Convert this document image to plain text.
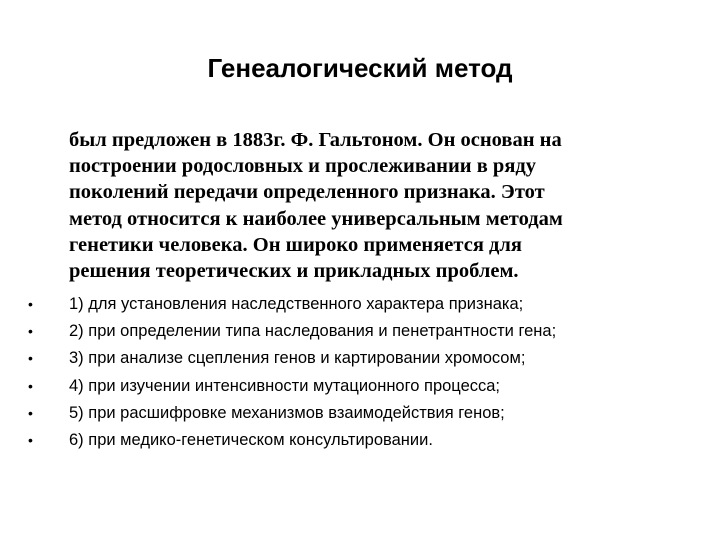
Генеалогический метод

был предложен в 1883г. Ф. Гальтоном. Он основан на
построении родословных и прослеживании в ряду
поколений передачи определенного признака. Этот
метод относится к наиболее универсальным методам
генетики человека. Он широко применяется для
решения теоретических и прикладных проблем.

• 1) для установления наследственного характера признака;
• 2) при определении типа наследования и пенетрантности гена;
• 3) при анализе сцепления генов и картировании хромосом;
• 4) при изучении интенсивности мутационного процесса;
• 5) при расшифровке механизмов взаимодействия генов;
• 6) при медико-генетическом консультировании.
